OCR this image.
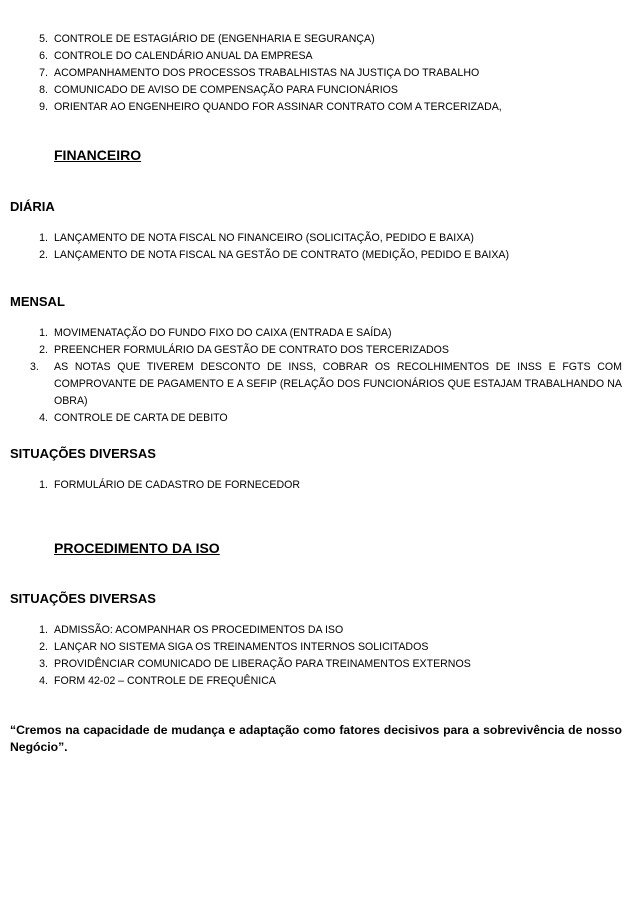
5. CONTROLE DE ESTAGIÁRIO DE (ENGENHARIA E SEGURANÇA)
6. CONTROLE DO CALENDÁRIO ANUAL DA EMPRESA
7. ACOMPANHAMENTO DOS PROCESSOS TRABALHISTAS NA JUSTIÇA DO TRABALHO
8. COMUNICADO DE AVISO DE COMPENSAÇÃO PARA FUNCIONÁRIOS
9. ORIENTAR AO ENGENHEIRO QUANDO FOR ASSINAR CONTRATO COM A TERCERIZADA,
FINANCEIRO
DIÁRIA
1. LANÇAMENTO DE NOTA FISCAL NO FINANCEIRO (SOLICITAÇÃO, PEDIDO E BAIXA)
2. LANÇAMENTO DE NOTA FISCAL NA GESTÃO DE CONTRATO (MEDIÇÃO, PEDIDO E BAIXA)
MENSAL
1. MOVIMENATAÇÃO DO FUNDO FIXO DO CAIXA (ENTRADA E SAÍDA)
2. PREENCHER FORMULÁRIO DA GESTÃO DE CONTRATO DOS TERCERIZADOS
3.	AS NOTAS QUE TIVEREM DESCONTO DE INSS, COBRAR OS RECOLHIMENTOS DE INSS E FGTS COM COMPROVANTE DE PAGAMENTO E A SEFIP (RELAÇÃO DOS FUNCIONÁRIOS QUE ESTAJAM TRABALHANDO NA OBRA)
4. CONTROLE DE CARTA DE DEBITO
SITUAÇÕES DIVERSAS
1. FORMULÁRIO DE CADASTRO DE FORNECEDOR
PROCEDIMENTO DA ISO
SITUAÇÕES DIVERSAS
1. ADMISSÃO: ACOMPANHAR OS PROCEDIMENTOS DA ISO
2. LANÇAR NO SISTEMA SIGA OS TREINAMENTOS INTERNOS SOLICITADOS
3. PROVIDÊNCIAR COMUNICADO DE LIBERAÇÃO PARA TREINAMENTOS EXTERNOS
4. FORM 42-02 – CONTROLE DE FREQUÊNICA
“Cremos na capacidade de mudança e adaptação como fatores decisivos para a sobrevivência de nosso Negócio”.
